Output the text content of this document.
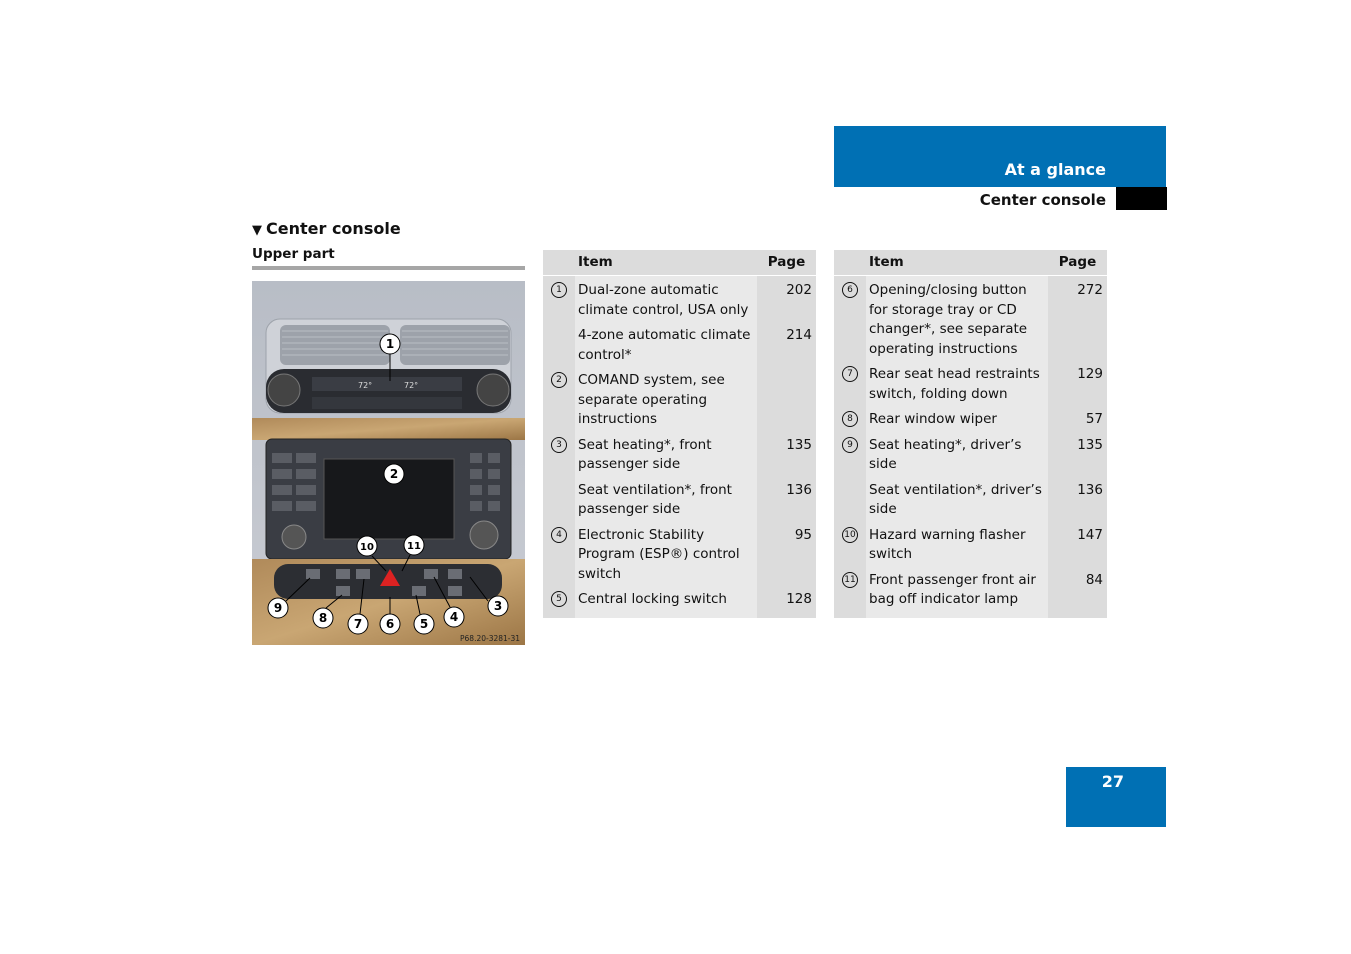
At a glance
Center console
▼ Center console
Upper part
72°	72°
1
2
3
4
5
6
7
8
9
10	11
P68.20-3281-31
	Item	Page
1	Dual-zone automatic climate control, USA only	202
	4-zone automatic climate control*	214
2	COMAND system, see separate operating instructions	
3	Seat heating*, front passenger side	135
	Seat ventilation*, front passenger side	136
4	Electronic Stability Program (ESP®) control switch	95
5	Central locking switch	128
	Item	Page
6	Opening/closing button for storage tray or CD changer*, see separate operating instructions	272
7	Rear seat head restraints switch, folding down	129
8	Rear window wiper	57
9	Seat heating*, driver’s side	135
	Seat ventilation*, driver’s side	136
10	Hazard warning flasher switch	147
11	Front passenger front air bag off indicator lamp	84
27
